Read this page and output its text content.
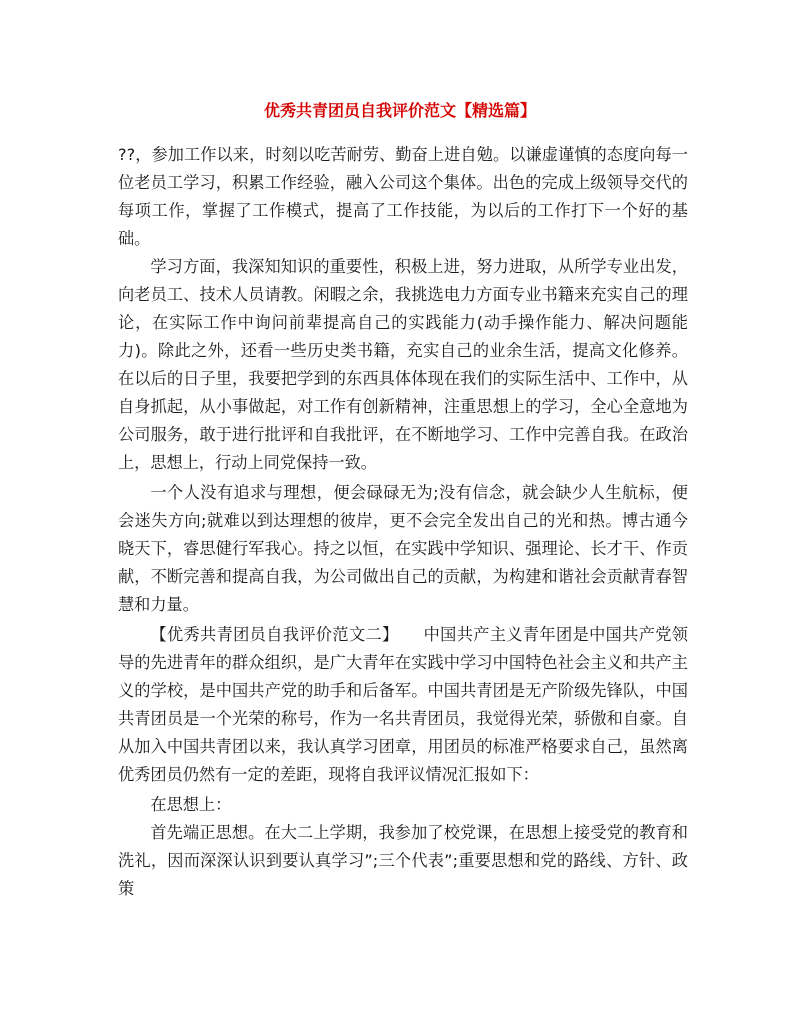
优秀共青团员自我评价范文【精选篇】

??，参加工作以来，时刻以吃苦耐劳、勤奋上进自勉。以谦虚谨慎的态度向每一位老员工学习，积累工作经验，融入公司这个集体。出色的完成上级领导交代的每项工作，掌握了工作模式，提高了工作技能，为以后的工作打下一个好的基础。

学习方面，我深知知识的重要性，积极上进，努力进取，从所学专业出发，向老员工、技术人员请教。闲暇之余，我挑选电力方面专业书籍来充实自己的理论，在实际工作中询问前辈提高自己的实践能力(动手操作能力、解决问题能力)。除此之外，还看一些历史类书籍，充实自己的业余生活，提高文化修养。在以后的日子里，我要把学到的东西具体体现在我们的实际生活中、工作中，从自身抓起，从小事做起，对工作有创新精神，注重思想上的学习，全心全意地为公司服务，敢于进行批评和自我批评，在不断地学习、工作中完善自我。在政治上，思想上，行动上同党保持一致。

一个人没有追求与理想，便会碌碌无为;没有信念，就会缺少人生航标，便会迷失方向;就难以到达理想的彼岸，更不会完全发出自己的光和热。博古通今晓天下，睿思健行军我心。持之以恒，在实践中学知识、强理论、长才干、作贡献，不断完善和提高自我，为公司做出自己的贡献，为构建和谐社会贡献青春智慧和力量。

【优秀共青团员自我评价范文二】　　中国共产主义青年团是中国共产党领导的先进青年的群众组织，是广大青年在实践中学习中国特色社会主义和共产主义的学校，是中国共产党的助手和后备军。中国共青团是无产阶级先锋队，中国共青团员是一个光荣的称号，作为一名共青团员，我觉得光荣，骄傲和自豪。自从加入中国共青团以来，我认真学习团章，用团员的标准严格要求自己，虽然离优秀团员仍然有一定的差距，现将自我评议情况汇报如下：

在思想上：

首先端正思想。在大二上学期，我参加了校党课，在思想上接受党的教育和洗礼，因而深深认识到要认真学习”;三个代表”;重要思想和党的路线、方针、政策
